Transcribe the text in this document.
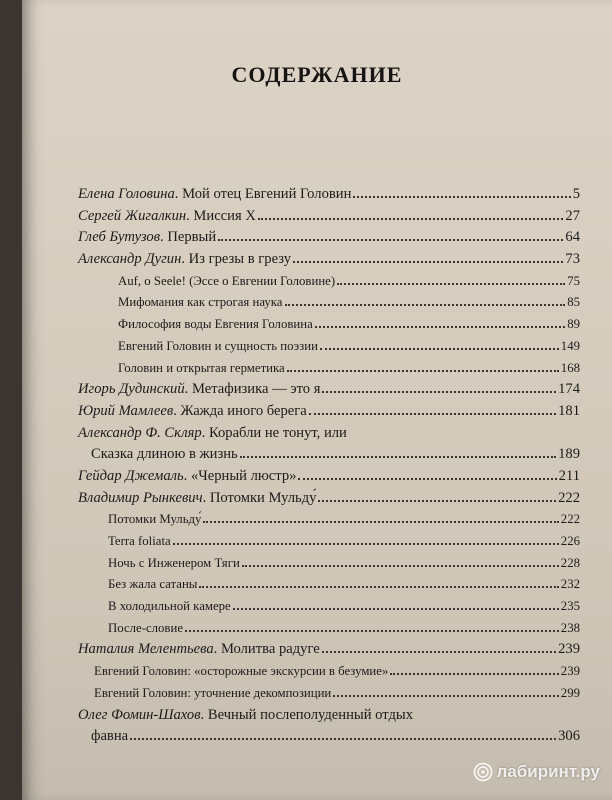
СОДЕРЖАНИЕ
Елена Головина . Мой отец Евгений Головин	5
Сергей Жигалкин . Миссия X	27
Глеб Бутузов . Первый	64
Александр Дугин . Из грезы в грезу	73
Auf, o Seele! (Эссе о Евгении Головине)	75
Мифомания как строгая наука	85
Философия воды Евгения Головина	89
Евгений Головин и сущность поэзии	149
Головин и открытая герметика	168
Игорь Дудинский . Метафизика — это я	174
Юрий Мамлеев . Жажда иного берега	181
Александр Ф. Скляр . Корабли не тонут, или
Сказка длиною в жизнь	189
Гейдар Джемаль . «Черный люстр»	211
Владимир Рынкевич . Потомки Мульду́	222
Потомки Мульду́	222
Terra foliata	226
Ночь с Инженером Тяги	228
Без жала сатаны	232
В холодильной камере	235
После-словие	238
Наталия Мелентьева . Молитва радуге	239
Евгений Головин: «осторожные экскурсии в безумие»	239
Евгений Головин: уточнение декомпозиции	299
Олег Фомин-Шахов . Вечный послеполуденный отдых
фавна	306
лабиринт.ру
